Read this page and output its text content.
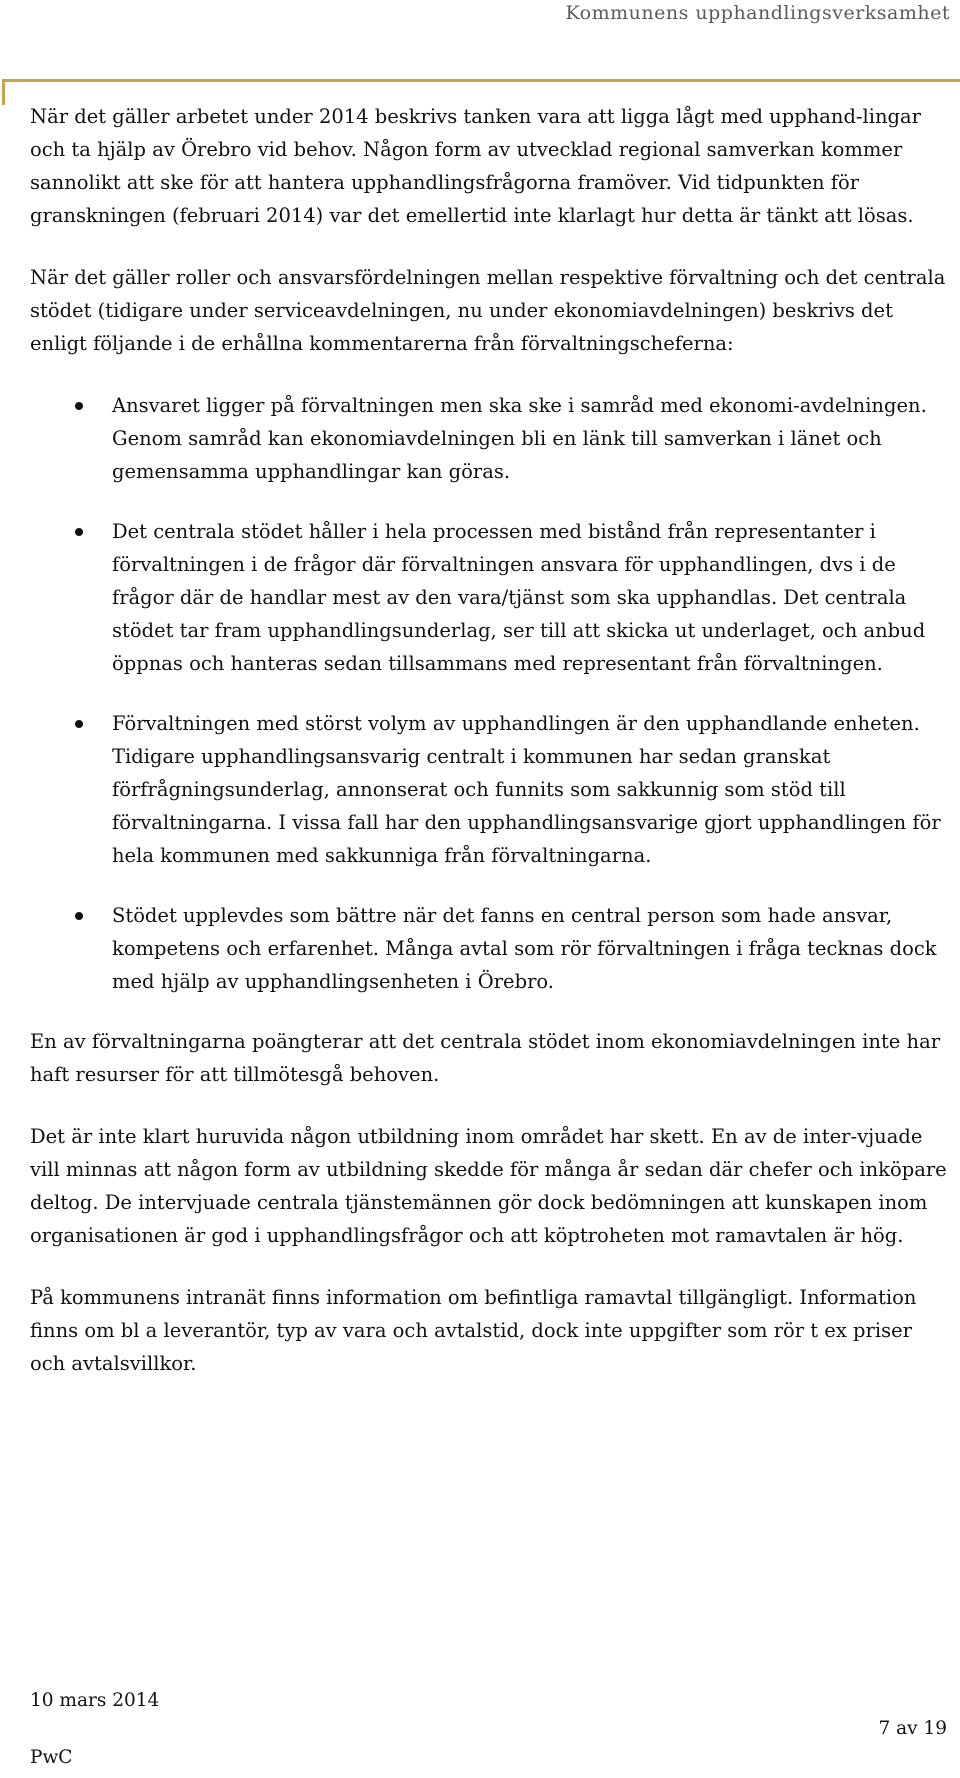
Kommunens upphandlingsverksamhet

När det gäller arbetet under 2014 beskrivs tanken vara att ligga lågt med upphand-lingar och ta hjälp av Örebro vid behov. Någon form av utvecklad regional samverkan kommer sannolikt att ske för att hantera upphandlingsfrågorna framöver. Vid tidpunkten för granskningen (februari 2014) var det emellertid inte klarlagt hur detta är tänkt att lösas.

När det gäller roller och ansvarsfördelningen mellan respektive förvaltning och det centrala stödet (tidigare under serviceavdelningen, nu under ekonomiavdelningen) beskrivs det enligt följande i de erhållna kommentarerna från förvaltningscheferna:

Ansvaret ligger på förvaltningen men ska ske i samråd med ekonomi-avdelningen. Genom samråd kan ekonomiavdelningen bli en länk till samverkan i länet och gemensamma upphandlingar kan göras.
Det centrala stödet håller i hela processen med bistånd från representanter i förvaltningen i de frågor där förvaltningen ansvara för upphandlingen, dvs i de frågor där de handlar mest av den vara/tjänst som ska upphandlas. Det centrala stödet tar fram upphandlingsunderlag, ser till att skicka ut underlaget, och anbud öppnas och hanteras sedan tillsammans med representant från förvaltningen.
Förvaltningen med störst volym av upphandlingen är den upphandlande enheten. Tidigare upphandlingsansvarig centralt i kommunen har sedan granskat förfrågningsunderlag, annonserat och funnits som sakkunnig som stöd till förvaltningarna. I vissa fall har den upphandlingsansvarige gjort upphandlingen för hela kommunen med sakkunniga från förvaltningarna.
Stödet upplevdes som bättre när det fanns en central person som hade ansvar, kompetens och erfarenhet. Många avtal som rör förvaltningen i fråga tecknas dock med hjälp av upphandlingsenheten i Örebro.

En av förvaltningarna poängterar att det centrala stödet inom ekonomiavdelningen inte har haft resurser för att tillmötesgå behoven.

Det är inte klart huruvida någon utbildning inom området har skett. En av de inter-vjuade vill minnas att någon form av utbildning skedde för många år sedan där chefer och inköpare deltog. De intervjuade centrala tjänstemännen gör dock bedömningen att kunskapen inom organisationen är god i upphandlingsfrågor och att köptroheten mot ramavtalen är hög.

På kommunens intranät finns information om befintliga ramavtal tillgängligt. Information finns om bl a leverantör, typ av vara och avtalstid, dock inte uppgifter som rör t ex priser och avtalsvillkor.

10 mars 2014
PwC
7 av 19
